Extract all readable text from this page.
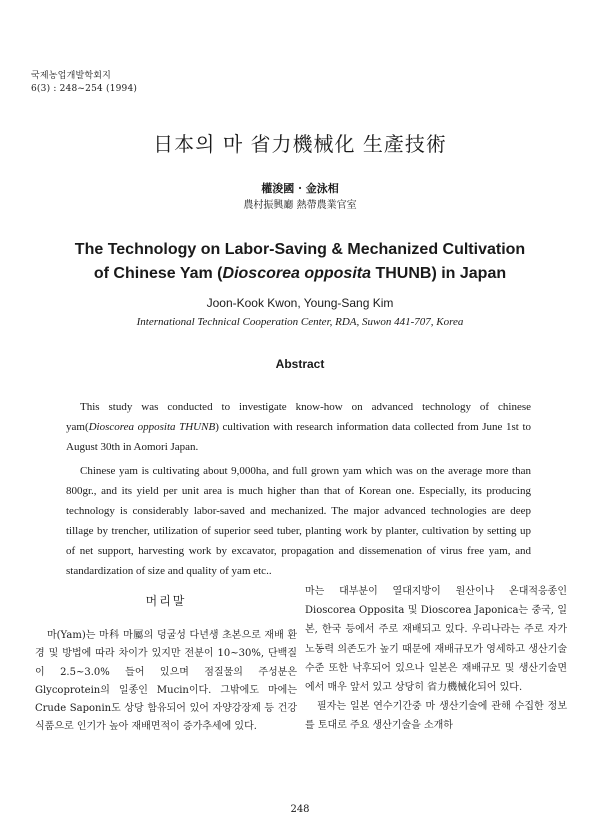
국제농업개발학회지
6(3) : 248~254 (1994)
日本의 마 省力機械化 生產技術
權浚國 · 金泳相
農村振興廳 熱帶農業官室
The Technology on Labor-Saving & Mechanized Cultivation
of Chinese Yam (Dioscorea opposita THUNB) in Japan
Joon-Kook Kwon, Young-Sang Kim
International Technical Cooperation Center, RDA, Suwon 441-707, Korea
Abstract

This study was conducted to investigate know-how on advanced technology of chinese yam(Dioscorea opposita THUNB) cultivation with research information data collected from June 1st to August 30th in Aomori Japan.

Chinese yam is cultivating about 9,000ha, and full grown yam which was on the average more than 800gr., and its yield per unit area is much higher than that of Korean one. Especially, its producing technology is considerably labor-saved and mechanized. The major advanced technologies are deep tillage by trencher, utilization of superior seed tuber, planting work by planter, cultivation by setting up of net support, harvesting work by excavator, propagation and dissemenation of virus free yam, and standardization of size and quality of yam etc..

머리말

마(Yam)는 마科 마屬의 덩굴성 다년생 초본으로 재배 환경 및 방법에 따라 차이가 있지만 전분이 10~30%, 단백질이 2.5~3.0% 들어 있으며 점질물의 주성분은 Glycoprotein의 일종인 Mucin이다. 그밖에도 마에는 Crude Saponin도 상당 함유되어 있어 자양강장제 등 건강식품으로 인기가 높아 재배면적이 증가추세에 있다.

마는 대부분이 열대지방이 원산이나 온대적응종인 Dioscorea Opposita 및 Dioscorea Japonica는 중국, 일본, 한국 등에서 주로 재배되고 있다. 우리나라는 주로 자가노동력 의존도가 높기 때문에 재배규모가 영세하고 생산기술수준 또한 낙후되어 있으나 일본은 재배규모 및 생산기술면에서 매우 앞서 있고 상당히 省力機械化되어 있다.

필자는 일본 연수기간중 마 생산기술에 관해 수집한 정보를 토대로 주요 생산기술을 소개하

248
